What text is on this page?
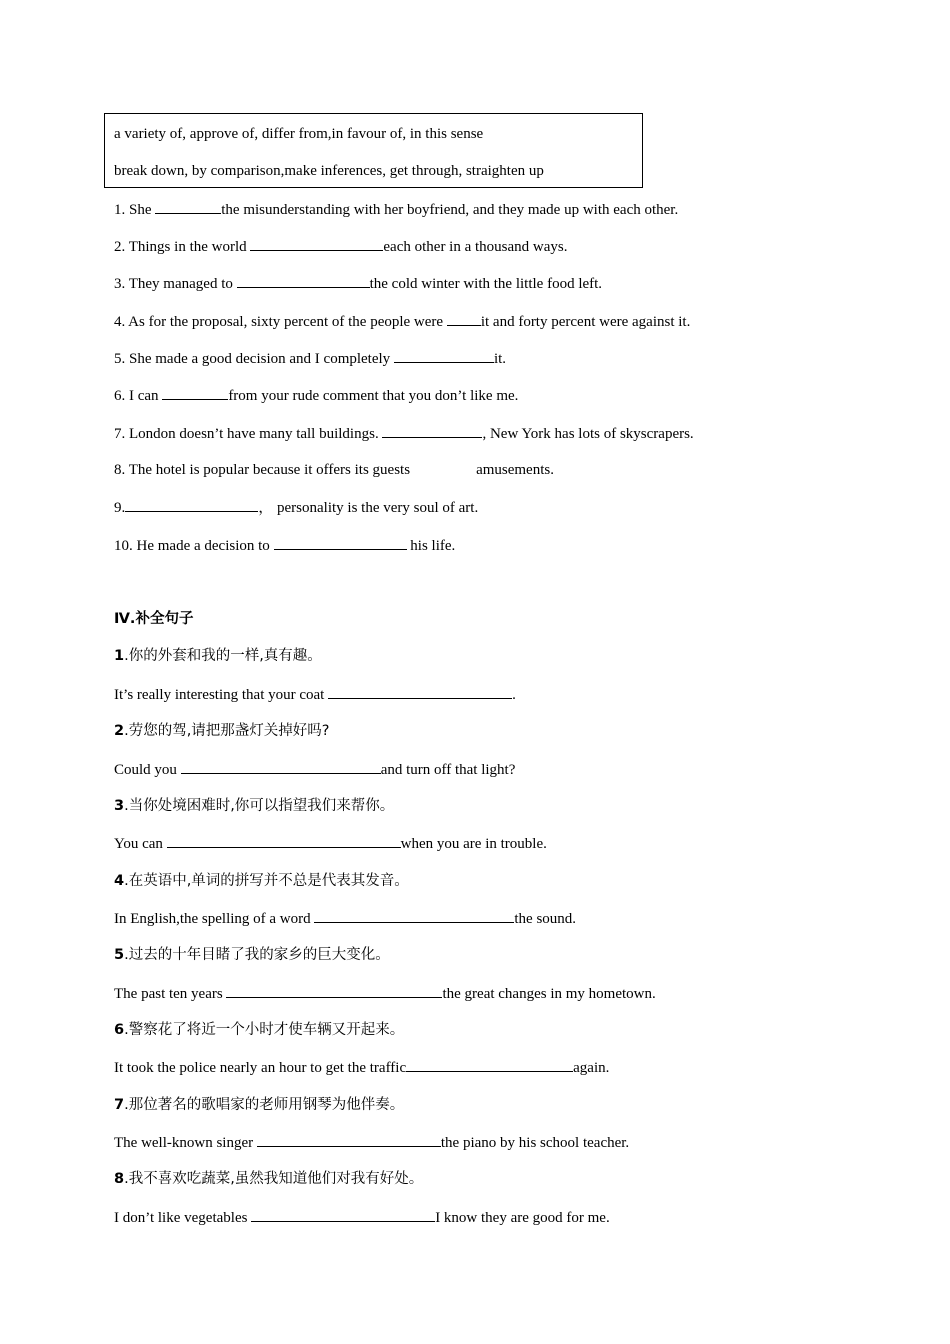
a variety of, approve of, differ from,in favour of, in this sense
break down, by comparison,make inferences, get through, straighten up
1. She	the misunderstanding with her boyfriend, and they made up with each other.
2. Things in the world	each other in a thousand ways.
3. They managed to	the cold winter with the little food left.
4. As for the proposal, sixty percent of the people were it and forty percent were against it.
5. She made a good decision and I completely	it.
6. I can	from your rude comment that you don’t like me.
7. London doesn’t have many tall buildings.	, New York has lots of skyscrapers.
8. The hotel is popular because it offers its guests	amusements.
9.	， personality is the very soul of art.
10. He made a decision to	his life.
Ⅳ.补全句子
1.你的外套和我的一样,真有趣。
It’s really interesting that your coat	.
2.劳您的驾,请把那盏灯关掉好吗?
Could you	and turn off that light?
3.当你处境困难时,你可以指望我们来帮你。
You can	when you are in trouble.
4.在英语中,单词的拼写并不总是代表其发音。
In English,the spelling of a word	the sound.
5.过去的十年目睹了我的家乡的巨大变化。
The past ten years	the great changes in my hometown.
6.警察花了将近一个小时才使车辆又开起来。
It took the police nearly an hour to get the traffic	again.
7.那位著名的歌唱家的老师用钢琴为他伴奏。
The well-known singer	the piano by his school teacher.
8.我不喜欢吃蔬菜,虽然我知道他们对我有好处。
I don’t like vegetables	I know they are good for me.
